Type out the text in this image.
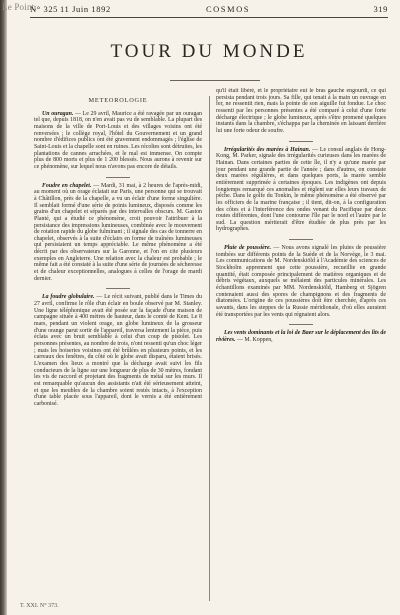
Le Point.
N° 325 11 Juin 1892	COSMOS	319
TOUR DU MONDE
MÉTÉOROLOGIE

Un ouragan. — Le 29 avril, Maurice a été ravagée par un ouragan tel que, depuis 1818, on n'en avait pas vu de semblable. La plupart des maisons de la ville de Port-Louis et des villages voisins ont été renversées ; le collège royal, l'hôtel du Gouvernement et un grand nombre d'édifices publics ont été gravement endommagés ; l'église de Saint-Louis et la chapelle sont en ruines. Les récoltes sont détruites, les plantations de cannes arrachées, et le mal est immense. On compte plus de 800 morts et plus de 1 200 blessés. Nous aurons à revenir sur ce phénomène, sur lequel nous n'avons pas encore de détails.

Foudre en chapelet. — Mardi, 31 mai, à 2 heures de l'après-midi, au moment où un orage éclatait sur Paris, une personne qui se trouvait à Châtillon, près de la chapelle, a vu un éclair d'une forme singulière. Il semblait formé d'une série de points lumineux, disposés comme les grains d'un chapelet et séparés par des intervalles obscurs. M. Gaston Planté, qui a étudié ce phénomène, croit pouvoir l'attribuer à la persistance des impressions lumineuses, combinée avec le mouvement de rotation rapide du globe fulminant ; il signale des cas de tonnerre en chapelet, observés à la suite d'éclairs en forme de traînées lumineuses qui persistaient un temps appréciable. Le même phénomène a été décrit par des observateurs sur la Garonne, et l'on en cite plusieurs exemples en Angleterre. Une relation avec la chaleur est probable ; le même fait a été constaté à la suite d'une série de journées de sécheresse et de chaleur exceptionnelles, analogues à celles de l'orage de mardi dernier.

La foudre globulaire. — Le récit suivant, publié dans le Times du 27 avril, confirme le rôle d'un éclair en boule observé par M. Stanley. Une ligne téléphonique avait été posée sur la façade d'une maison de campagne située à 400 mètres de hauteur, dans le comté de Kent. Le 8 mars, pendant un violent orage, un globe lumineux de la grosseur d'une orange parut sortir de l'appareil, traversa lentement la pièce, puis éclata avec un bruit semblable à celui d'un coup de pistolet. Les personnes présentes, au nombre de trois, n'ont ressenti qu'un choc léger ; mais les boiseries voisines ont été brûlées en plusieurs points, et les carreaux des fenêtres, du côté où le globe avait disparu, étaient brisés. L'examen des lieux a montré que la décharge avait suivi les fils conducteurs de la ligne sur une longueur de plus de 30 mètres, fondant les vis de raccord et projetant des fragments de métal sur les murs. Il est remarquable qu'aucun des assistants n'ait été sérieusement atteint, et que les meubles de la chambre soient restés intacts, à l'exception d'une table placée sous l'appareil, dont le vernis a été entièrement carbonisé.

qu'il était libéré, et le propriétaire eut le bras gauche engourdi, ce qui persista pendant trois jours. Sa fille, qui tenait à la main un ouvrage en fer, ne ressentit rien, mais la pointe de son aiguille fut fondue. Le choc ressenti par les personnes présentes a été comparé à celui d'une forte décharge électrique ; le globe lumineux, après s'être promené quelques instants dans la chambre, s'échappa par la cheminée en laissant derrière lui une forte odeur de soufre.

Irrégularités des marées à Hainan. — Le consul anglais de Hong-Kong, M. Parker, signale des irrégularités curieuses dans les marées de Hainan. Dans certaines parties de cette île, il n'y a qu'une marée par jour pendant une grande partie de l'année ; dans d'autres, on constate deux marées régulières, et dans quelques ports, la marée semble entièrement supprimée à certaines époques. Les indigènes ont depuis longtemps remarqué ces anomalies et règlent sur elles leurs travaux de pêche. Dans le golfe du Tonkin, le même phénomène a été observé par les officiers de la marine française ; il tient, dit-on, à la configuration des côtes et à l'interférence des ondes venant du Pacifique par deux routes différentes, dont l'une contourne l'île par le nord et l'autre par le sud. La question mériterait d'être étudiée de plus près par les hydrographes.

Pluie de poussière. — Nous avons signalé les pluies de poussière tombées sur différents points de la Suède et de la Norvège, le 3 mai. Les communications de M. Nordenskiöld à l'Académie des sciences de Stockholm apprennent que cette poussière, recueillie en grande quantité, était composée principalement de matières organiques et de débris végétaux, auxquels se mêlaient des particules minérales. Les échantillons examinés par MM. Nordenskiöld, Hamberg et Sjögren contenaient aussi des spores de champignons et des fragments de diatomées. L'origine de ces poussières doit être cherchée, d'après ces savants, dans les steppes de la Russie méridionale, d'où elles auraient été transportées par les vents qui régnaient alors.

Les vents dominants et la loi de Baer sur le déplacement des lits de rivières. — M. Koppen,

T. XXI. N° 373.
